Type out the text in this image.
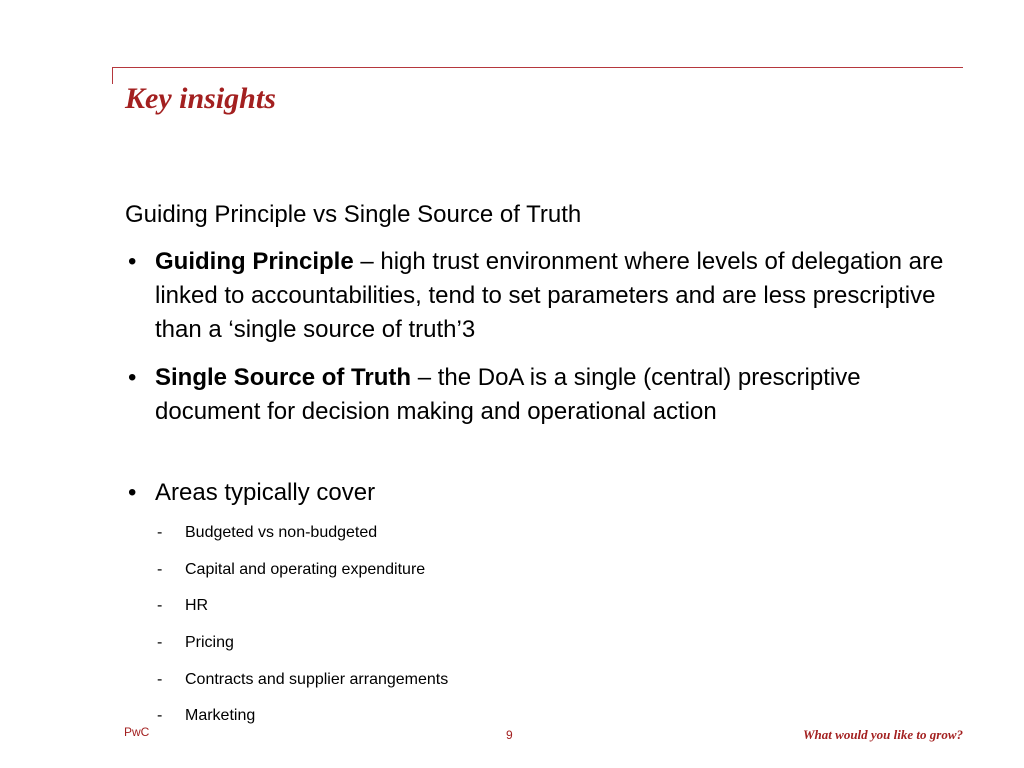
Key insights
Guiding Principle vs Single Source of Truth
• Guiding Principle – high trust environment where levels of delegation are linked to accountabilities, tend to set parameters and are less prescriptive than a ‘single source of truth’3
• Single Source of Truth – the DoA is a single (central) prescriptive document for decision making and operational action
• Areas typically cover
- Budgeted vs non-budgeted
- Capital and operating expenditure
- HR
- Pricing
- Contracts and supplier arrangements
- Marketing
PwC	9	What would you like to grow?
